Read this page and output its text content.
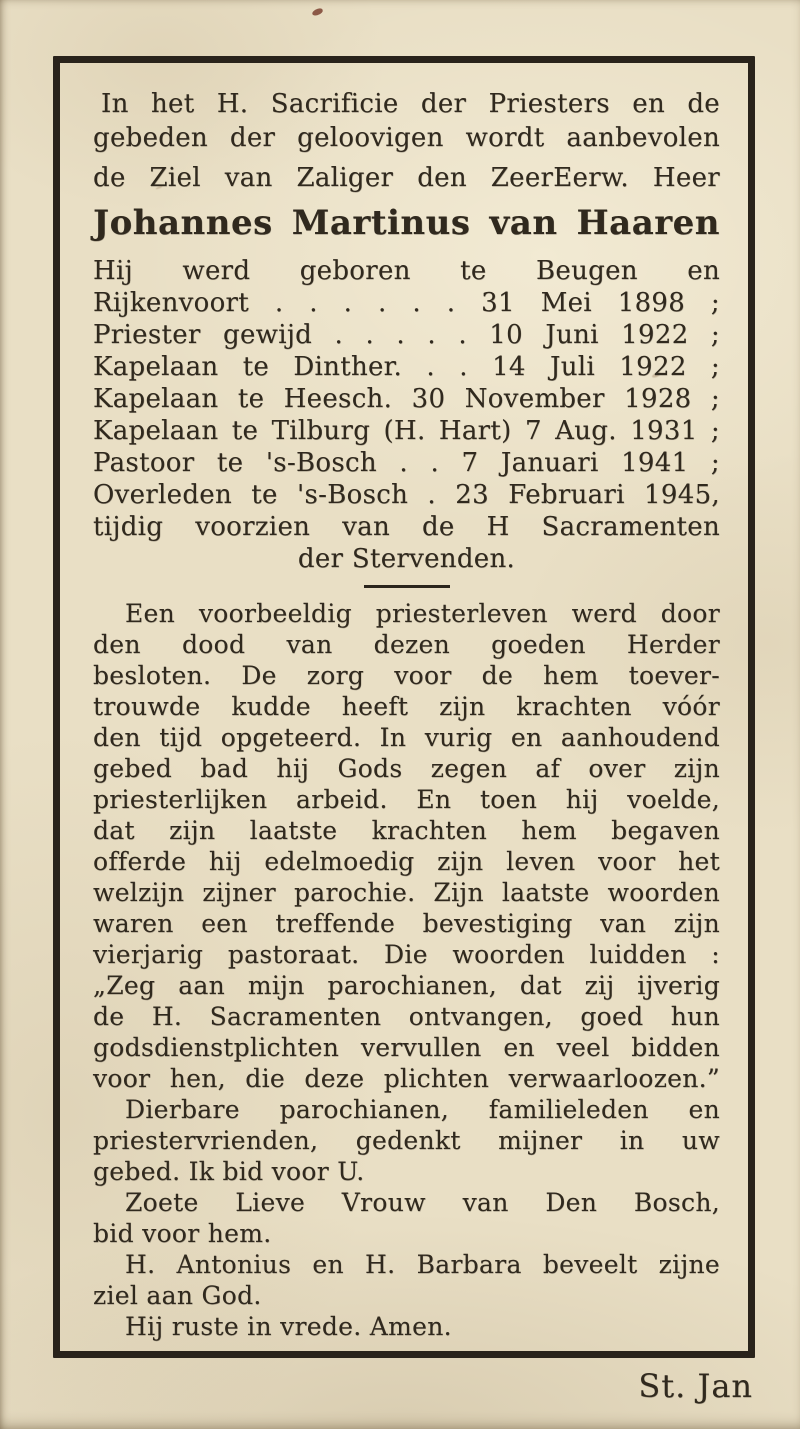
In het H. Sacrificie der Priesters en de
gebeden der geloovigen wordt aanbevolen
de Ziel van Zaliger den ZeerEerw. Heer
Johannes Martinus van Haaren
Hij werd geboren te Beugen en
Rijkenvoort . . . . . . 31 Mei 1898 ;
Priester gewijd . . . . . 10 Juni 1922 ;
Kapelaan te Dinther. . . 14 Juli 1922 ;
Kapelaan te Heesch. 30 November 1928 ;
Kapelaan te Tilburg (H. Hart) 7 Aug. 1931 ;
Pastoor te 's-Bosch . . 7 Januari 1941 ;
Overleden te 's-Bosch . 23 Februari 1945,
tijdig voorzien van de H Sacramenten
der Stervenden.
Een voorbeeldig priesterleven werd door
den dood van dezen goeden Herder
besloten. De zorg voor de hem toever-
trouwde kudde heeft zijn krachten vóór
den tijd opgeteerd. In vurig en aanhoudend
gebed bad hij Gods zegen af over zijn
priesterlijken arbeid. En toen hij voelde,
dat zijn laatste krachten hem begaven
offerde hij edelmoedig zijn leven voor het
welzijn zijner parochie. Zijn laatste woorden
waren een treffende bevestiging van zijn
vierjarig pastoraat. Die woorden luidden :
„Zeg aan mijn parochianen, dat zij ijverig
de H. Sacramenten ontvangen, goed hun
godsdienstplichten vervullen en veel bidden
voor hen, die deze plichten verwaarloozen.”
Dierbare parochianen, familieleden en
priestervrienden, gedenkt mijner in uw
gebed. Ik bid voor U.
Zoete Lieve Vrouw van Den Bosch,
bid voor hem.
H. Antonius en H. Barbara beveelt zijne
ziel aan God.
Hij ruste in vrede. Amen.
St. Jan
